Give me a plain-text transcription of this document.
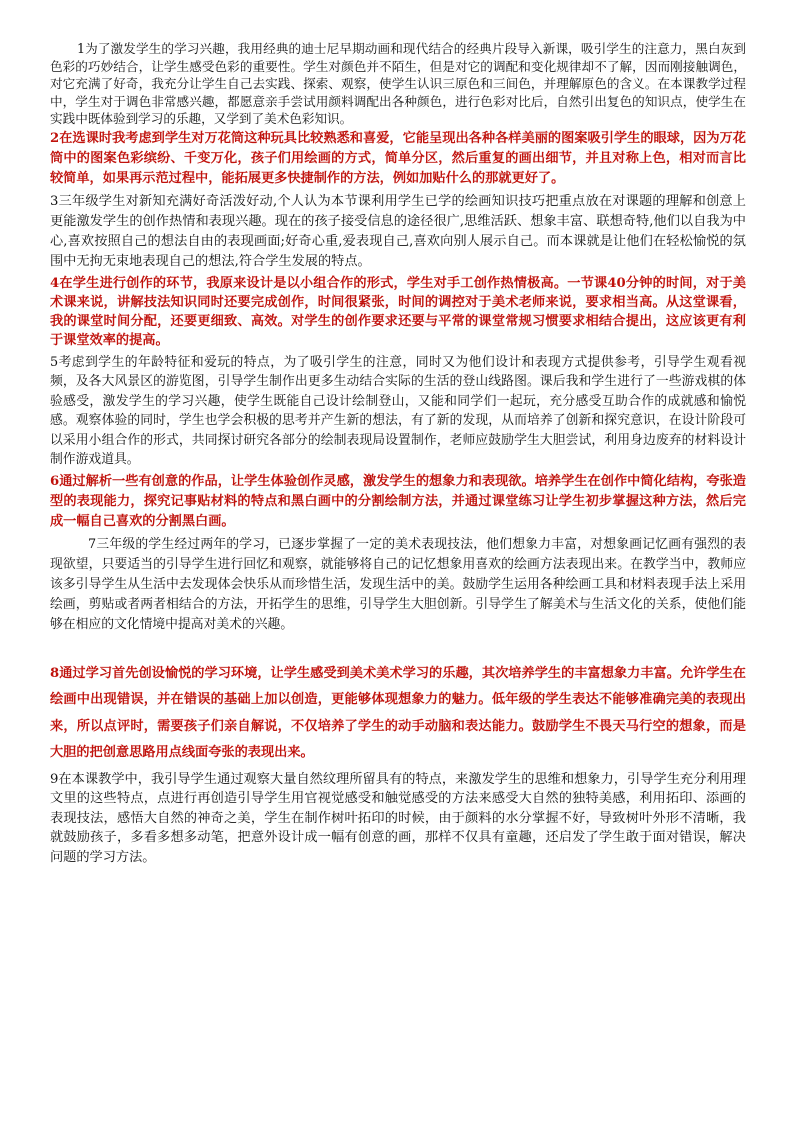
1为了激发学生的学习兴趣，我用经典的迪士尼早期动画和现代结合的经典片段导入新课，吸引学生的注意力，黑白灰到色彩的巧妙结合，让学生感受色彩的重要性。学生对颜色并不陌生，但是对它的调配和变化规律却不了解，因而刚接触调色，对它充满了好奇，我充分让学生自己去实践、探索、观察，使学生认识三原色和三间色，并理解原色的含义。在本课教学过程中，学生对于调色非常感兴趣，都愿意亲手尝试用颜料调配出各种颜色，进行色彩对比后，自然引出复色的知识点，使学生在实践中既体验到学习的乐趣，又学到了美术色彩知识。

2在选课时我考虑到学生对万花筒这种玩具比较熟悉和喜爱，它能呈现出各种各样美丽的图案吸引学生的眼球，因为万花筒中的图案色彩缤纷、千变万化，孩子们用绘画的方式，简单分区，然后重复的画出细节，并且对称上色，相对而言比较简单，如果再示范过程中，能拓展更多快捷制作的方法，例如加贴什么的那就更好了。

3三年级学生对新知充满好奇活泼好动,个人认为本节课利用学生已学的绘画知识技巧把重点放在对课题的理解和创意上更能激发学生的创作热情和表现兴趣。现在的孩子接受信息的途径很广,思维活跃、想象丰富、联想奇特,他们以自我为中心,喜欢按照自己的想法自由的表现画面;好奇心重,爱表现自己,喜欢向别人展示自己。而本课就是让他们在轻松愉悦的氛围中无拘无束地表现自己的想法,符合学生发展的特点。

4在学生进行创作的环节，我原来设计是以小组合作的形式，学生对手工创作热情极高。一节课40分钟的时间，对于美术课来说，讲解技法知识同时还要完成创作，时间很紧张，时间的调控对于美术老师来说，要求相当高。从这堂课看，我的课堂时间分配，还要更细致、高效。对学生的创作要求还要与平常的课堂常规习惯要求相结合提出，这应该更有利于课堂效率的提高。

5考虑到学生的年龄特征和爱玩的特点，为了吸引学生的注意，同时又为他们设计和表现方式提供参考，引导学生观看视频，及各大风景区的游览图，引导学生制作出更多生动结合实际的生活的登山线路图。课后我和学生进行了一些游戏棋的体验感受，激发学生的学习兴趣，使学生既能自己设计绘制登山，又能和同学们一起玩，充分感受互助合作的成就感和愉悦感。观察体验的同时，学生也学会积极的思考并产生新的想法，有了新的发现，从而培养了创新和探究意识，在设计阶段可以采用小组合作的形式，共同探讨研究各部分的绘制表现局设置制作，老师应鼓励学生大胆尝试，利用身边废弃的材料设计制作游戏道具。

6通过解析一些有创意的作品，让学生体验创作灵感，激发学生的想象力和表现欲。培养学生在创作中简化结构，夸张造型的表现能力，探究记事贴材料的特点和黑白画中的分割绘制方法，并通过课堂练习让学生初步掌握这种方法，然后完成一幅自己喜欢的分割黑白画。

7三年级的学生经过两年的学习，已逐步掌握了一定的美术表现技法，他们想象力丰富，对想象画记忆画有强烈的表现欲望，只要适当的引导学生进行回忆和观察，就能够将自己的记忆想象用喜欢的绘画方法表现出来。在教学当中，教师应该多引导学生从生活中去发现体会快乐从而珍惜生活，发现生活中的美。鼓励学生运用各种绘画工具和材料表现手法上采用绘画，剪贴或者两者相结合的方法，开拓学生的思维，引导学生大胆创新。引导学生了解美术与生活文化的关系，使他们能够在相应的文化情境中提高对美术的兴趣。

8通过学习首先创设愉悦的学习环境，让学生感受到美术美术学习的乐趣，其次培养学生的丰富想象力丰富。允许学生在绘画中出现错误，并在错误的基础上加以创造，更能够体现想象力的魅力。低年级的学生表达不能够准确完美的表现出来，所以点评时，需要孩子们亲自解说，不仅培养了学生的动手动脑和表达能力。鼓励学生不畏天马行空的想象，而是大胆的把创意思路用点线面夸张的表现出来。

9在本课教学中，我引导学生通过观察大量自然纹理所留具有的特点，来激发学生的思维和想象力，引导学生充分利用理文里的这些特点，点进行再创造引导学生用官视觉感受和触觉感受的方法来感受大自然的独特美感，利用拓印、添画的表现技法，感悟大自然的神奇之美，学生在制作树叶拓印的时候，由于颜料的水分掌握不好，导致树叶外形不清晰，我就鼓励孩子，多看多想多动笔，把意外设计成一幅有创意的画，那样不仅具有童趣，还启发了学生敢于面对错误，解决问题的学习方法。
